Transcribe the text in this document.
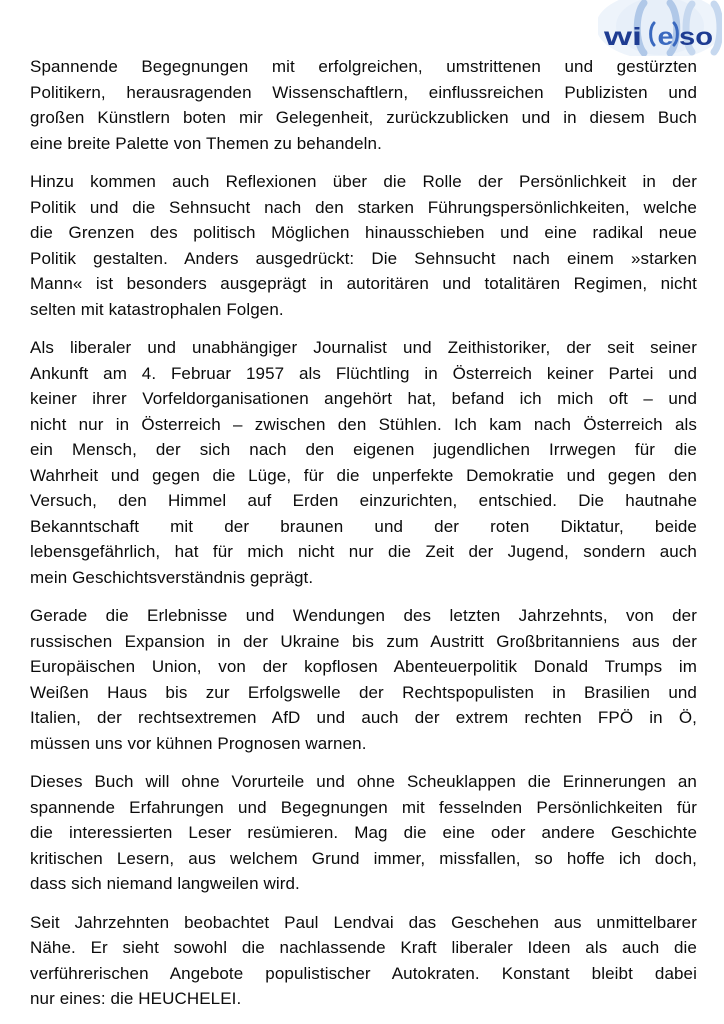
wi e so
Spannende Begegnungen mit erfolgreichen, umstrittenen und gestürzten
Politikern, herausragenden Wissenschaftlern, einflussreichen Publizisten und
großen Künstlern boten mir Gelegenheit, zurückzublicken und in diesem Buch
eine breite Palette von Themen zu behandeln.
Hinzu kommen auch Reflexionen über die Rolle der Persönlichkeit in der
Politik und die Sehnsucht nach den starken Führungspersönlichkeiten, welche
die Grenzen des politisch Möglichen hinausschieben und eine radikal neue
Politik gestalten. Anders ausgedrückt: Die Sehnsucht nach einem »starken
Mann« ist besonders ausgeprägt in autoritären und totalitären Regimen, nicht
selten mit katastrophalen Folgen.
Als liberaler und unabhängiger Journalist und Zeithistoriker, der seit seiner
Ankunft am 4. Februar 1957 als Flüchtling in Österreich keiner Partei und
keiner ihrer Vorfeldorganisationen angehört hat, befand ich mich oft – und
nicht nur in Österreich – zwischen den Stühlen. Ich kam nach Österreich als
ein Mensch, der sich nach den eigenen jugendlichen Irrwegen für die
Wahrheit und gegen die Lüge, für die unperfekte Demokratie und gegen den
Versuch, den Himmel auf Erden einzurichten, entschied. Die hautnahe
Bekanntschaft mit der braunen und der roten Diktatur, beide
lebensgefährlich, hat für mich nicht nur die Zeit der Jugend, sondern auch
mein Geschichtsverständnis geprägt.
Gerade die Erlebnisse und Wendungen des letzten Jahrzehnts, von der
russischen Expansion in der Ukraine bis zum Austritt Großbritanniens aus der
Europäischen Union, von der kopflosen Abenteuerpolitik Donald Trumps im
Weißen Haus bis zur Erfolgswelle der Rechtspopulisten in Brasilien und
Italien, der rechtsextremen AfD und auch der extrem rechten FPÖ in Ö,
müssen uns vor kühnen Prognosen warnen.
Dieses Buch will ohne Vorurteile und ohne Scheuklappen die Erinnerungen an
spannende Erfahrungen und Begegnungen mit fesselnden Persönlichkeiten für
die interessierten Leser resümieren. Mag die eine oder andere Geschichte
kritischen Lesern, aus welchem Grund immer, missfallen, so hoffe ich doch,
dass sich niemand langweilen wird.
Seit Jahrzehnten beobachtet Paul Lendvai das Geschehen aus unmittelbarer
Nähe. Er sieht sowohl die nachlassende Kraft liberaler Ideen als auch die
verführerischen Angebote populistischer Autokraten. Konstant bleibt dabei
nur eines: die HEUCHELEI.
